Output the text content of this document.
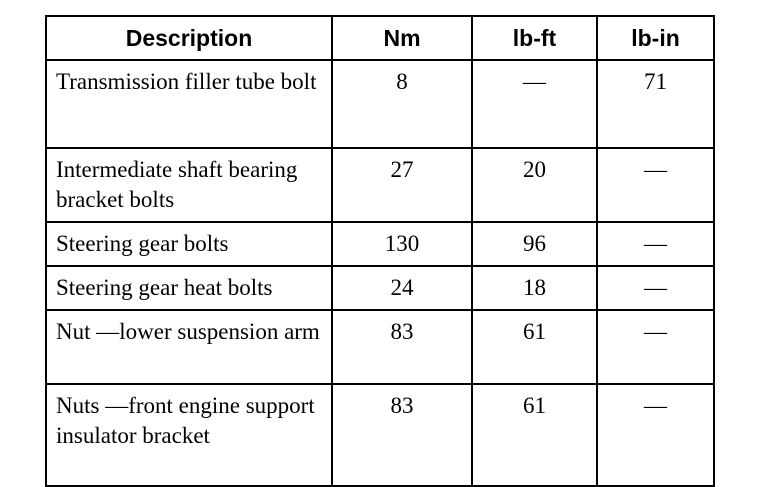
Description	Nm	lb-ft	lb-in
Transmission filler tube bolt	8	—	71
Intermediate shaft bearing bracket bolts	27	20	—
Steering gear bolts	130	96	—
Steering gear heat bolts	24	18	—
Nut —lower suspension arm	83	61	—
Nuts —front engine support insulator bracket	83	61	—
